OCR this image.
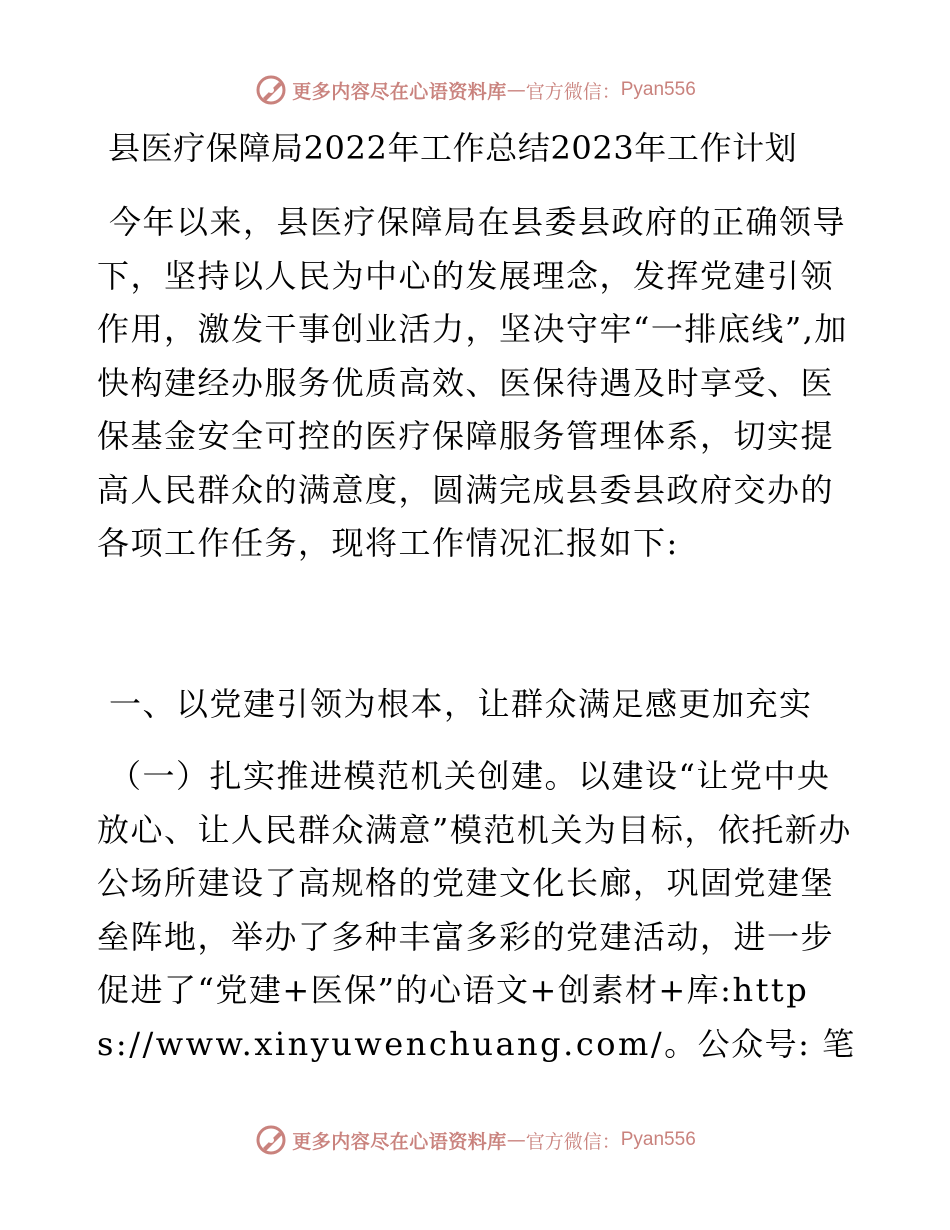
更多内容尽在心语资料库 — 官方微信： Pyan556
县医疗保障局2022年工作总结2023年工作计划

今年以来，县医疗保障局在县委县政府的正确领导下，坚持以人民为中心的发展理念，发挥党建引领作用，激发干事创业活力，坚决守牢“一排底线”,加快构建经办服务优质高效、医保待遇及时享受、医保基金安全可控的医疗保障服务管理体系，切实提高人民群众的满意度，圆满完成县委县政府交办的各项工作任务，现将工作情况汇报如下:

一、以党建引领为根本，让群众满足感更加充实

（一）扎实推进模范机关创建。以建设“让党中央放心、让人民群众满意”模范机关为目标，依托新办公场所建设了高规格的党建文化长廊，巩固党建堡垒阵地，举办了多种丰富多彩的党建活动，进一步促进了“党建+医保”的心语文+创素材+库:https://www.xinyuwenchuang.com/。公众号: 笔

更多内容尽在心语资料库 — 官方微信： Pyan556
